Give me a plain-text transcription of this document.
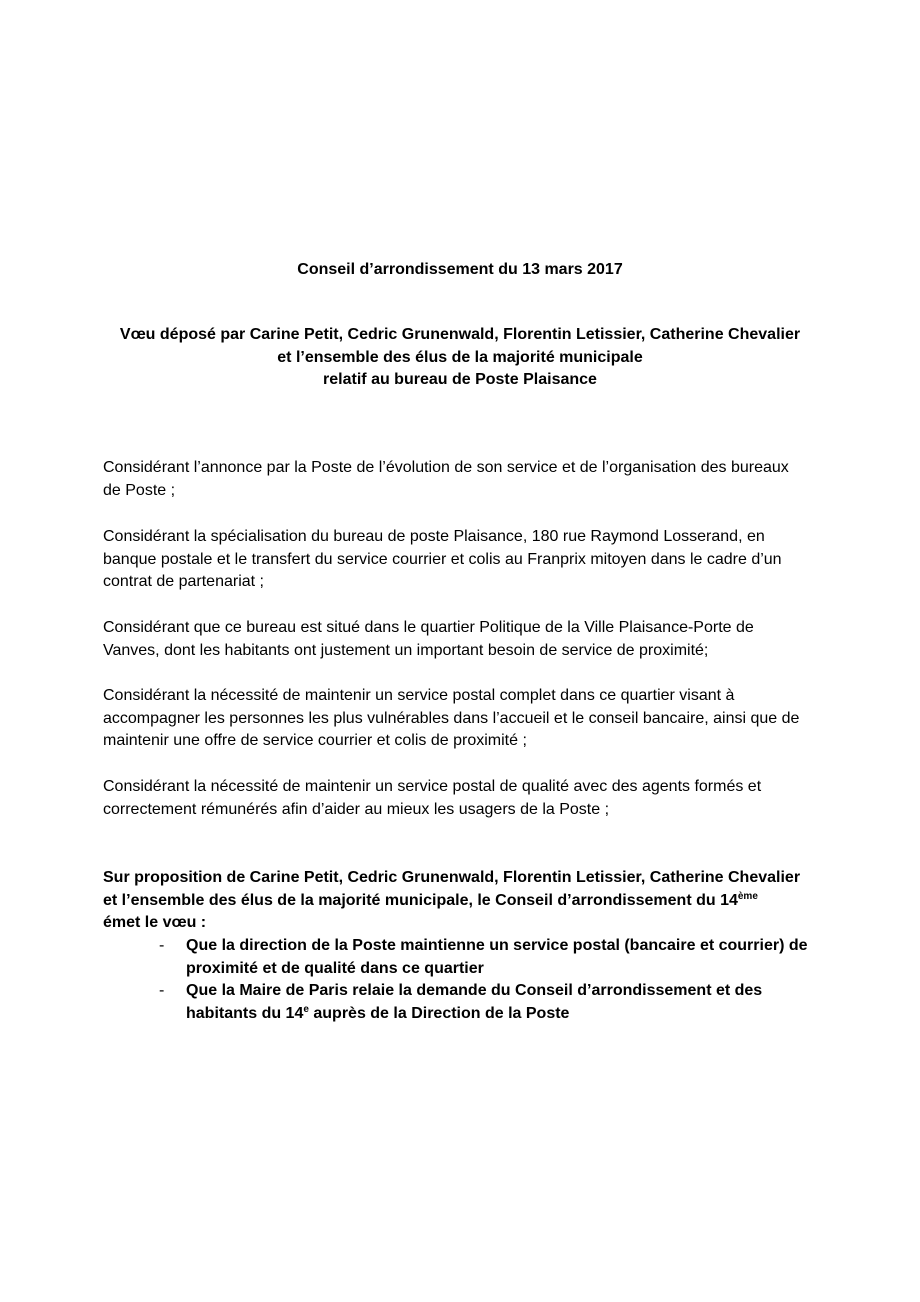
Conseil d’arrondissement du 13 mars 2017
Vœu déposé par Carine Petit, Cedric Grunenwald, Florentin Letissier, Catherine Chevalier
et l’ensemble des élus de la majorité municipale
relatif au bureau de Poste Plaisance

Considérant l’annonce par la Poste de l’évolution de son service et de l’organisation des bureaux de Poste ;

Considérant la spécialisation du bureau de poste Plaisance, 180 rue Raymond Losserand, en banque postale et le transfert du service courrier et colis au Franprix mitoyen dans le cadre d’un contrat de partenariat ;

Considérant que ce bureau est situé dans le quartier Politique de la Ville Plaisance-Porte de Vanves, dont les habitants ont justement un important besoin de service de proximité;

Considérant la nécessité de maintenir un service postal complet dans ce quartier visant à accompagner les personnes les plus vulnérables dans l’accueil et le conseil bancaire, ainsi que de maintenir une offre de service courrier et colis de proximité ;

Considérant la nécessité de maintenir un service postal de qualité avec des agents formés et correctement rémunérés afin d’aider au mieux les usagers de la Poste ;

Sur proposition de Carine Petit, Cedric Grunenwald, Florentin Letissier, Catherine Chevalier et l’ensemble des élus de la majorité municipale, le Conseil d’arrondissement du 14ème
émet le vœu :
- Que la direction de la Poste maintienne un service postal (bancaire et courrier) de proximité et de qualité dans ce quartier
- Que la Maire de Paris relaie la demande du Conseil d’arrondissement et des habitants du 14e auprès de la Direction de la Poste
